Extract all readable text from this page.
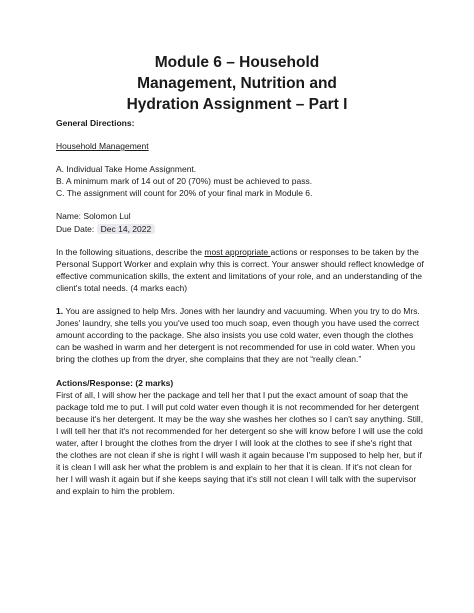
Module 6 – Household
Management, Nutrition and
Hydration Assignment – Part I

General Directions:

Household Management

A. Individual Take Home Assignment.

B. A minimum mark of 14 out of 20 (70%) must be achieved to pass.

C. The assignment will count for 20% of your final mark in Module 6.

Name: Solomon Lul

Due Date: Dec 14, 2022

In the following situations, describe the most appropriate actions or responses to be taken by the Personal Support Worker and explain why this is correct. Your answer should reflect knowledge of effective communication skills, the extent and limitations of your role, and an understanding of the client's total needs. (4 marks each)

1. You are assigned to help Mrs. Jones with her laundry and vacuuming. When you try to do Mrs. Jones' laundry, she tells you you've used too much soap, even though you have used the correct amount according to the package. She also insists you use cold water, even though the clothes can be washed in warm and her detergent is not recommended for use in cold water. When you bring the clothes up from the dryer, she complains that they are not “really clean.”

Actions/Response: (2 marks)

First of all, I will show her the package and tell her that I put the exact amount of soap that the package told me to put. I will put cold water even though it is not recommended for her detergent because it's her detergent. It may be the way she washes her clothes so I can't say anything. Still, I will tell her that it's not recommended for her detergent so she will know before I will use the cold water, after I brought the clothes from the dryer I will look at the clothes to see if she's right that the clothes are not clean if she is right I will wash it again because I'm supposed to help her, but if it is clean I will ask her what the problem is and explain to her that it is clean. If it's not clean for her I will wash it again but if she keeps saying that it's still not clean I will talk with the supervisor and explain to him the problem.
